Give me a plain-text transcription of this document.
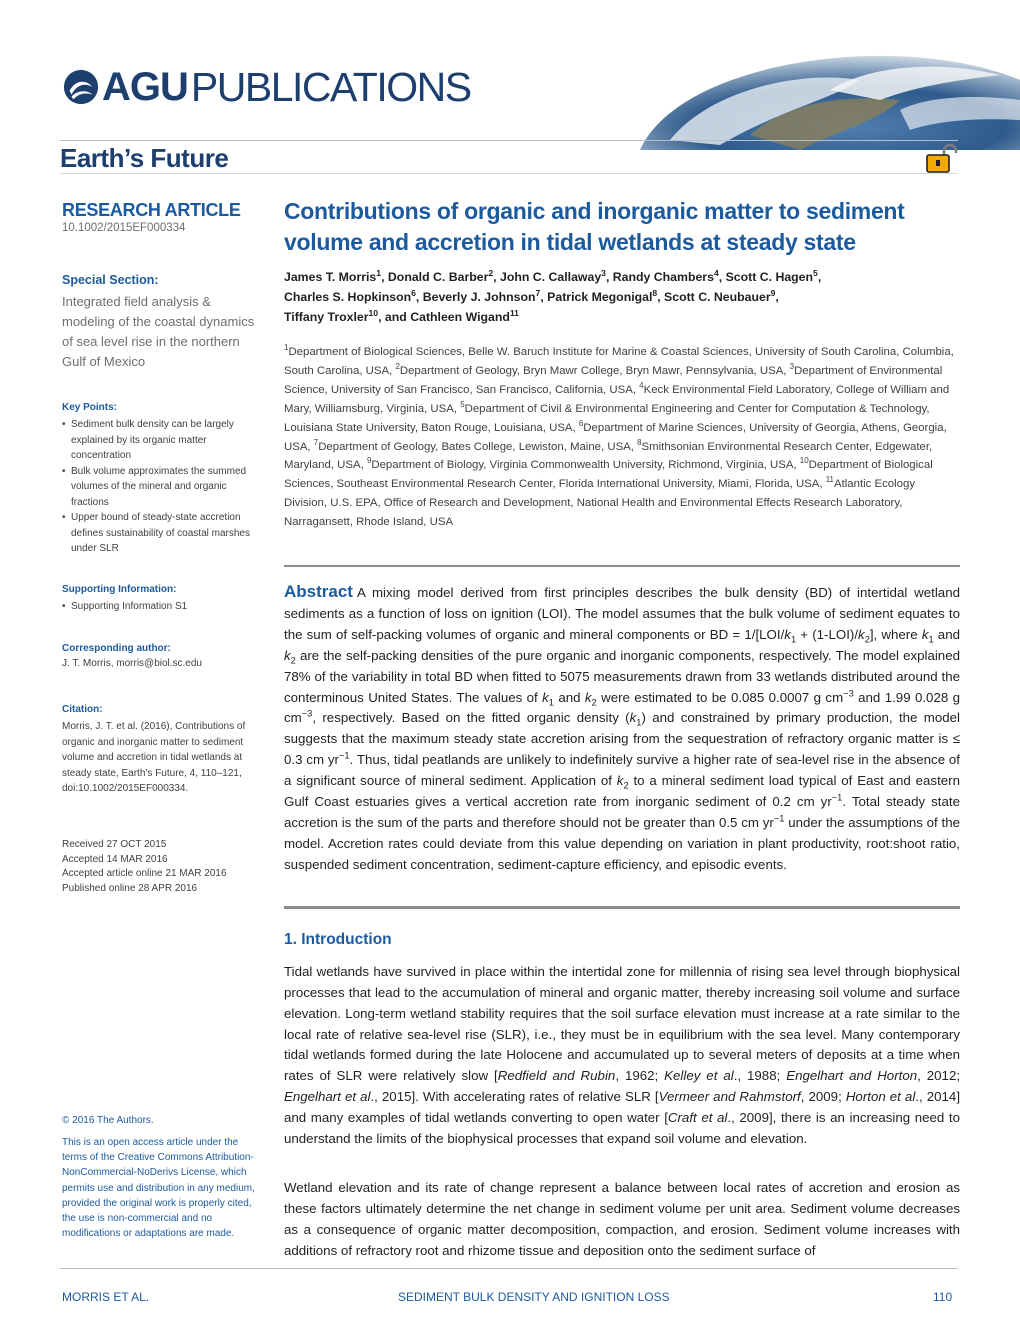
AGU PUBLICATIONS
Earth’s Future
RESEARCH ARTICLE
10.1002/2015EF000334
Special Section:
Integrated field analysis & modeling of the coastal dynamics of sea level rise in the northern Gulf of Mexico
Key Points:
• Sediment bulk density can be largely explained by its organic matter concentration
• Bulk volume approximates the summed volumes of the mineral and organic fractions
• Upper bound of steady-state accretion defines sustainability of coastal marshes under SLR
Supporting Information:
• Supporting Information S1
Corresponding author:
J. T. Morris, morris@biol.sc.edu
Citation:
Morris, J. T. et al. (2016), Contributions of organic and inorganic matter to sediment volume and accretion in tidal wetlands at steady state, Earth’s Future, 4, 110–121, doi:10.1002/2015EF000334.
Received 27 OCT 2015
Accepted 14 MAR 2016
Accepted article online 21 MAR 2016
Published online 28 APR 2016
© 2016 The Authors.
This is an open access article under the terms of the Creative Commons Attribution-NonCommercial-NoDerivs License, which permits use and distribution in any medium, provided the original work is properly cited, the use is non-commercial and no modifications or adaptations are made.
Contributions of organic and inorganic matter to sediment volume and accretion in tidal wetlands at steady state
James T. Morris$^1$, Donald C. Barber$^2$, John C. Callaway$^3$, Randy Chambers$^4$, Scott C. Hagen$^5$,
Charles S. Hopkinson$^6$, Beverly J. Johnson$^7$, Patrick Megonigal$^8$, Scott C. Neubauer$^9$,
Tiffany Troxler$^{10}$, and Cathleen Wigand$^{11}$
$^1$Department of Biological Sciences, Belle W. Baruch Institute for Marine & Coastal Sciences, University of South Carolina, Columbia, South Carolina, USA, $^2$Department of Geology, Bryn Mawr College, Bryn Mawr, Pennsylvania, USA, $^3$Department of Environmental Science, University of San Francisco, San Francisco, California, USA, $^4$Keck Environmental Field Laboratory, College of William and Mary, Williamsburg, Virginia, USA, $^5$Department of Civil & Environmental Engineering and Center for Computation & Technology, Louisiana State University, Baton Rouge, Louisiana, USA, $^6$Department of Marine Sciences, University of Georgia, Athens, Georgia, USA, $^7$Department of Geology, Bates College, Lewiston, Maine, USA, $^8$Smithsonian Environmental Research Center, Edgewater, Maryland, USA, $^9$Department of Biology, Virginia Commonwealth University, Richmond, Virginia, USA, $^{10}$Department of Biological Sciences, Southeast Environmental Research Center, Florida International University, Miami, Florida, USA, $^{11}$Atlantic Ecology Division, U.S. EPA, Office of Research and Development, National Health and Environmental Effects Research Laboratory, Narragansett, Rhode Island, USA
Abstract A mixing model derived from first principles describes the bulk density (BD) of intertidal wetland sediments as a function of loss on ignition (LOI). The model assumes that the bulk volume of sediment equates to the sum of self-packing volumes of organic and mineral components or BD = $1/[LOI/k_1 + (1-LOI)/k_2]$, where $k_1$ and $k_2$ are the self-packing densities of the pure organic and inorganic components, respectively. The model explained 78% of the variability in total BD when fitted to 5075 measurements drawn from 33 wetlands distributed around the conterminous United States. The values of $k_1$ and $k_2$ were estimated to be 0.085 0.0007 g $cm^{-3}$ and 1.99 0.028 g $cm^{-3}$, respectively. Based on the fitted organic density $(k_1)$ and constrained by primary production, the model suggests that the maximum steady state accretion arising from the sequestration of refractory organic matter is ≤ 0.3 cm $yr^{-1}$. Thus, tidal peatlands are unlikely to indefinitely survive a higher rate of sea-level rise in the absence of a significant source of mineral sediment. Application of $k_2$ to a mineral sediment load typical of East and eastern Gulf Coast estuaries gives a vertical accretion rate from inorganic sediment of 0.2 cm $yr^{-1}$. Total steady state accretion is the sum of the parts and therefore should not be greater than 0.5 cm $yr^{-1}$ under the assumptions of the model. Accretion rates could deviate from this value depending on variation in plant productivity, root:shoot ratio, suspended sediment concentration, sediment-capture efficiency, and episodic events.
1. Introduction
Tidal wetlands have survived in place within the intertidal zone for millennia of rising sea level through biophysical processes that lead to the accumulation of mineral and organic matter, thereby increasing soil volume and surface elevation. Long-term wetland stability requires that the soil surface elevation must increase at a rate similar to the local rate of relative sea-level rise (SLR), i.e., they must be in equilibrium with the sea level. Many contemporary tidal wetlands formed during the late Holocene and accumulated up to several meters of deposits at a time when rates of SLR were relatively slow [Redfield and Rubin, 1962; Kelley et al., 1988; Engelhart and Horton, 2012; Engelhart et al., 2015]. With accelerating rates of relative SLR [Vermeer and Rahmstorf, 2009; Horton et al., 2014] and many examples of tidal wetlands converting to open water [Craft et al., 2009], there is an increasing need to understand the limits of the biophysical processes that expand soil volume and elevation.
Wetland elevation and its rate of change represent a balance between local rates of accretion and erosion as these factors ultimately determine the net change in sediment volume per unit area. Sediment volume decreases as a consequence of organic matter decomposition, compaction, and erosion. Sediment volume increases with additions of refractory root and rhizome tissue and deposition onto the sediment surface of
MORRIS ET AL.	SEDIMENT BULK DENSITY AND IGNITION LOSS	110
